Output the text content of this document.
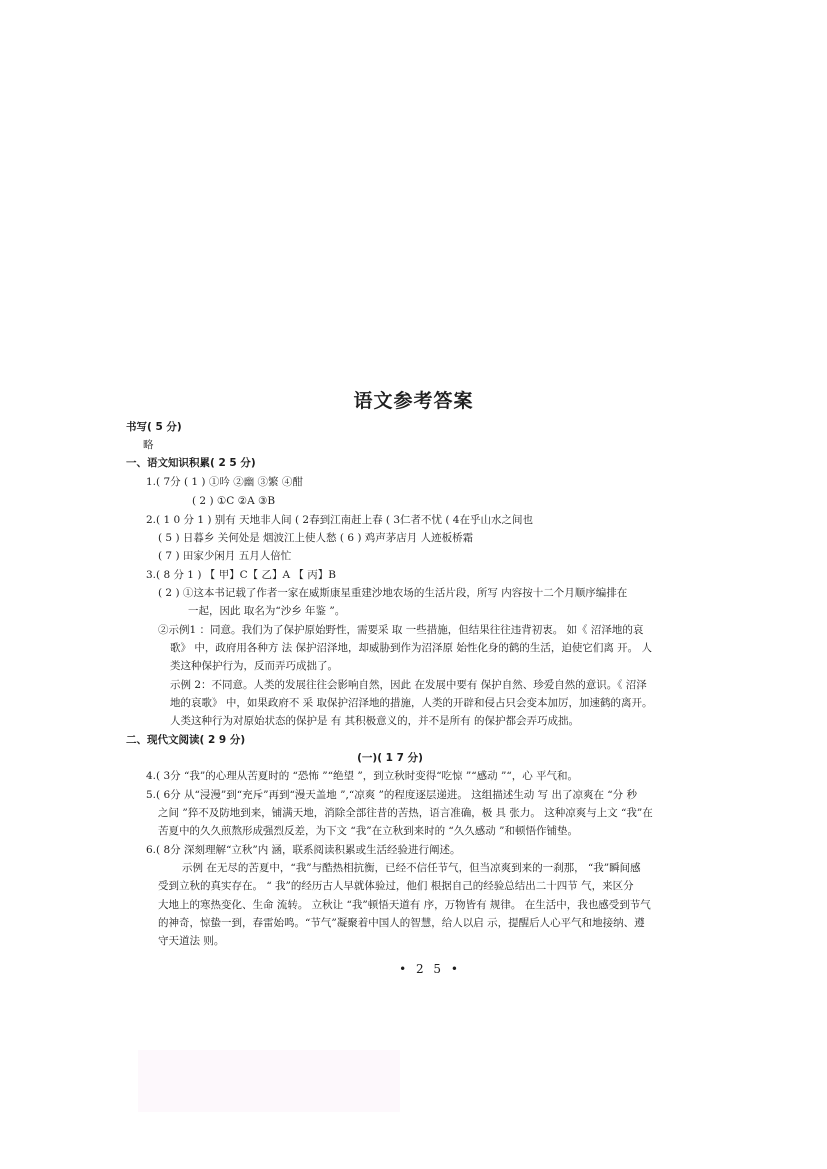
语文参考答案
书写( 5 分)
略
一、语文知识积累( 2 5 分)
1.( 7分 ( 1 ) ①吟 ②幽 ③繁 ④酣
( 2 ) ①C ②A ③B
2.( 1 0 分 1 ) 别有 天地非人间 ( 2春到江南赶上春 ( 3仁者不忧 ( 4在乎山水之间也
( 5 ) 日暮乡 关何处是 烟波江上使人愁 ( 6 ) 鸡声茅店月 人迹板桥霜
( 7 ) 田家少闲月 五月人倍忙
3.( 8 分 1 ) 【 甲】C【 乙】A 【 丙】B
( 2 ) ①这本书记载了作者一家在威斯康星重建沙地农场的生活片段，所写 内容按十二个月顺序编排在
一起，因此 取名为“沙乡 年鉴 ”。
②示例1 ：同意。我们为了保护原始野性，需要采 取 一些措施，但结果往往违背初衷。 如《 沼泽地的哀
歌》 中，政府用各种方 法 保护沼泽地，却威胁到作为沼泽原 始性化身的鹤的生活，迫使它们离 开。 人
类这种保护行为，反而弄巧成拙了。
示例 2：不同意。人类的发展往往会影响自然，因此 在发展中要有 保护自然、珍爱自然的意识。《 沼泽
地的哀歌》 中，如果政府不 采 取保护沼泽地的措施，人类的开辟和侵占只会变本加厉，加速鹤的离开。
人类这种行为对原始状态的保护是 有 其积极意义的，并不是所有 的保护都会弄巧成拙。
二、现代文阅读( 2 9 分)
(一)( 1 7 分)
4.( 3分 “我”的心理从苦夏时的 “恐怖 ”“绝望 ”，到立秋时变得“吃惊 ”“感动 ”“，心 平气和。
5.( 6分 从“浸漫”到“充斥”再到“漫天盖地 ”,“凉爽 ”的程度逐层递进。 这组描述生动 写 出了凉爽在 “分 秒
之间 ”猝不及防地到来，铺满天地，消除全部往昔的苦热，语言准确，极 具 张力。 这种凉爽与上文 “我”在
苦夏中的久久煎熬形成强烈反差，为下文 “我”在立秋到来时的 “久久感动 ”和顿悟作铺垫。
6.( 8分 深刻理解“立秋”内 涵，联系阅读积累或生活经验进行阐述。
示例 在无尽的苦夏中，“我”与酷热相抗衡，已经不信任节气，但当凉爽到来的一刹那， “我”瞬间感
受到立秋的真实存在。 “ 我”的经历古人早就体验过，他们 根据自己的经验总结出二十四节 气，来区分
大地上的寒热变化、生命 流转。 立秋让 “我”顿悟天道有 序，万物皆有 规律。 在生活中，我也感受到节气
的神奇，惊蛰一到，春雷始鸣。“节气”凝聚着中国人的智慧，给人以启 示，提醒后人心平气和地接纳、遵
守天道法 则。
• 2 5 •
